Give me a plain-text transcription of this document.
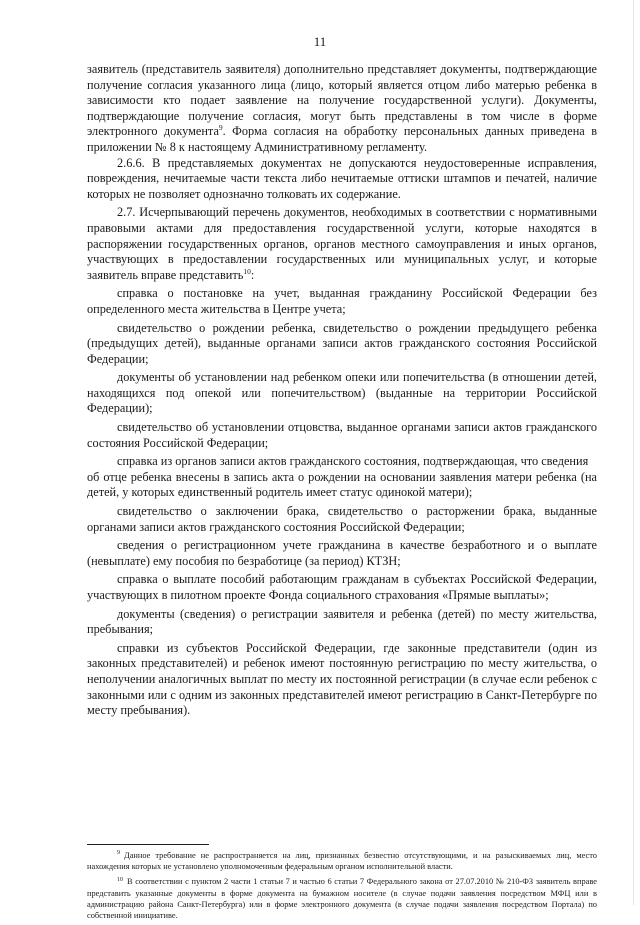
11

заявитель (представитель заявителя) дополнительно представляет документы, подтверждающие получение согласия указанного лица (лицо, который является отцом либо матерью ребенка в зависимости кто подает заявление на получение государственной услуги). Документы, подтверждающие получение согласия, могут быть представлены в том числе в форме электронного документа$^9$. Форма согласия на обработку персональных данных приведена в приложении № 8 к настоящему Административному регламенту.

2.6.6. В представляемых документах не допускаются неудостоверенные исправления, повреждения, нечитаемые части текста либо нечитаемые оттиски штампов и печатей, наличие которых не позволяет однозначно толковать их содержание.

2.7. Исчерпывающий перечень документов, необходимых в соответствии с нормативными правовыми актами для предоставления государственной услуги, которые находятся в распоряжении государственных органов, органов местного самоуправления и иных органов, участвующих в предоставлении государственных или муниципальных услуг, и которые заявитель вправе представить$^{10}$:

справка о постановке на учет, выданная гражданину Российской Федерации без определенного места жительства в Центре учета;

свидетельство о рождении ребенка, свидетельство о рождении предыдущего ребенка (предыдущих детей), выданные органами записи актов гражданского состояния Российской Федерации;

документы об установлении над ребенком опеки или попечительства (в отношении детей, находящихся под опекой или попечительством) (выданные на территории Российской Федерации);

свидетельство об установлении отцовства, выданное органами записи актов гражданского состояния Российской Федерации;

справка из органов записи актов гражданского состояния, подтверждающая, что сведения

об отце ребенка внесены в запись акта о рождении на основании заявления матери ребенка (на детей, у которых единственный родитель имеет статус одинокой матери);

свидетельство о заключении брака, свидетельство о расторжении брака, выданные органами записи актов гражданского состояния Российской Федерации;

сведения о регистрационном учете гражданина в качестве безработного и о выплате (невыплате) ему пособия по безработице (за период) КТЗН;

справка о выплате пособий работающим гражданам в субъектах Российской Федерации, участвующих в пилотном проекте Фонда социального страхования «Прямые выплаты»;

документы (сведения) о регистрации заявителя и ребенка (детей) по месту жительства, пребывания;

справки из субъектов Российской Федерации, где законные представители (один из законных представителей) и ребенок имеют постоянную регистрацию по месту жительства, о неполучении аналогичных выплат по месту их постоянной регистрации (в случае если ребенок с законными или с одним из законных представителей имеют регистрацию в Санкт-Петербурге по месту пребывания).

$^9$ Данное требование не распространяется на лиц, признанных безвестно отсутствующими, и на разыскиваемых лиц, место нахождения которых не установлено уполномоченным федеральным органом исполнительной власти.

$^{10}$ В соответствии с пунктом 2 части 1 статьи 7 и частью 6 статьи 7 Федерального закона от 27.07.2010 № 210-ФЗ заявитель вправе представить указанные документы в форме документа на бумажном носителе (в случае подачи заявления посредством МФЦ или в администрацию района Санкт-Петербурга) или в форме электронного документа (в случае подачи заявления посредством Портала) по собственной инициативе.
